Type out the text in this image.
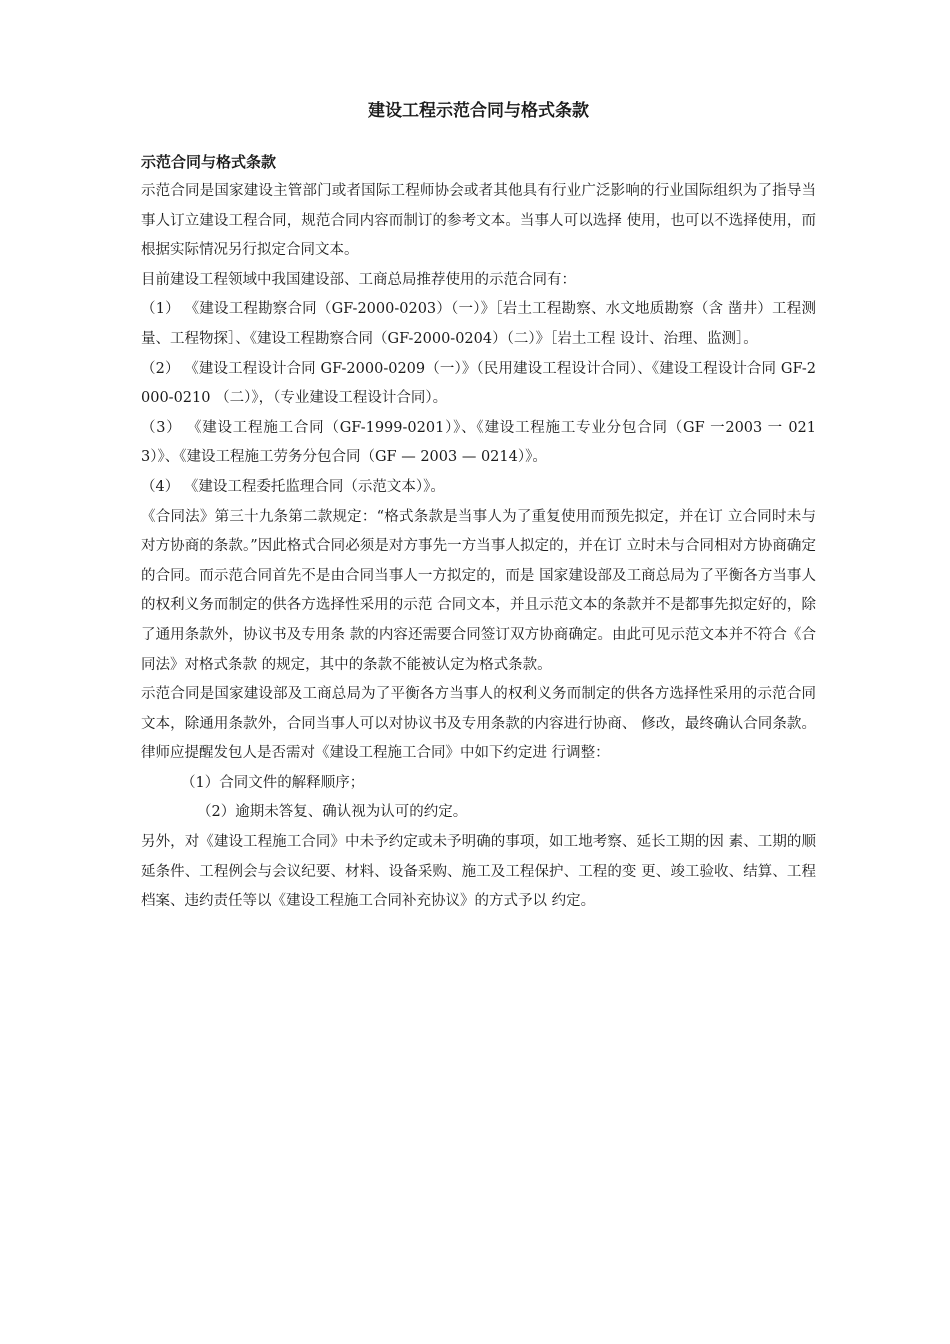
建设工程示范合同与格式条款

示范合同与格式条款

示范合同是国家建设主管部门或者国际工程师协会或者其他具有行业广泛影响的行业国际组织为了指导当事人订立建设工程合同，规范合同内容而制订的参考文本。当事人可以选择 使用，也可以不选择使用，而根据实际情况另行拟定合同文本。

目前建设工程领域中我国建设部、工商总局推荐使用的示范合同有：

（1） 《建设工程勘察合同（GF-2000-0203）（一）》［岩土工程勘察、水文地质勘察（含 凿井）工程测量、工程物探］、《建设工程勘察合同（GF-2000-0204）（二）》［岩土工程 设计、治理、监测］。

（2） 《建设工程设计合同 GF-2000-0209（一）》（民用建设工程设计合同）、《建设工程设计合同 GF-2000-0210 （二）》，（专业建设工程设计合同）。

（3） 《建设工程施工合同（GF-1999-0201）》、《建设工程施工专业分包合同（GF 一2003 一 0213）》、《建设工程施工劳务分包合同（GF — 2003 — 0214）》。

（4） 《建设工程委托监理合同（示范文本）》。

《合同法》第三十九条第二款规定：“格式条款是当事人为了重复使用而预先拟定，并在订 立合同时未与对方协商的条款。”因此格式合同必须是对方事先一方当事人拟定的，并在订 立时未与合同相对方协商确定的合同。而示范合同首先不是由合同当事人一方拟定的，而是 国家建设部及工商总局为了平衡各方当事人的权利义务而制定的供各方选择性采用的示范 合同文本，并且示范文本的条款并不是都事先拟定好的，除了通用条款外，协议书及专用条 款的内容还需要合同签订双方协商确定。由此可见示范文本并不符合《合同法》对格式条款 的规定，其中的条款不能被认定为格式条款。

示范合同是国家建设部及工商总局为了平衡各方当事人的权利义务而制定的供各方选择性采用的示范合同文本，除通用条款外，合同当事人可以对协议书及专用条款的内容进行协商、 修改，最终确认合同条款。律师应提醒发包人是否需对《建设工程施工合同》中如下约定进 行调整：

（1）合同文件的解释顺序；

（2）逾期未答复、确认视为认可的约定。

另外，对《建设工程施工合同》中未予约定或未予明确的事项，如工地考察、延长工期的因 素、工期的顺延条件、工程例会与会议纪要、材料、设备采购、施工及工程保护、工程的变 更、竣工验收、结算、工程档案、违约责任等以《建设工程施工合同补充协议》的方式予以 约定。
